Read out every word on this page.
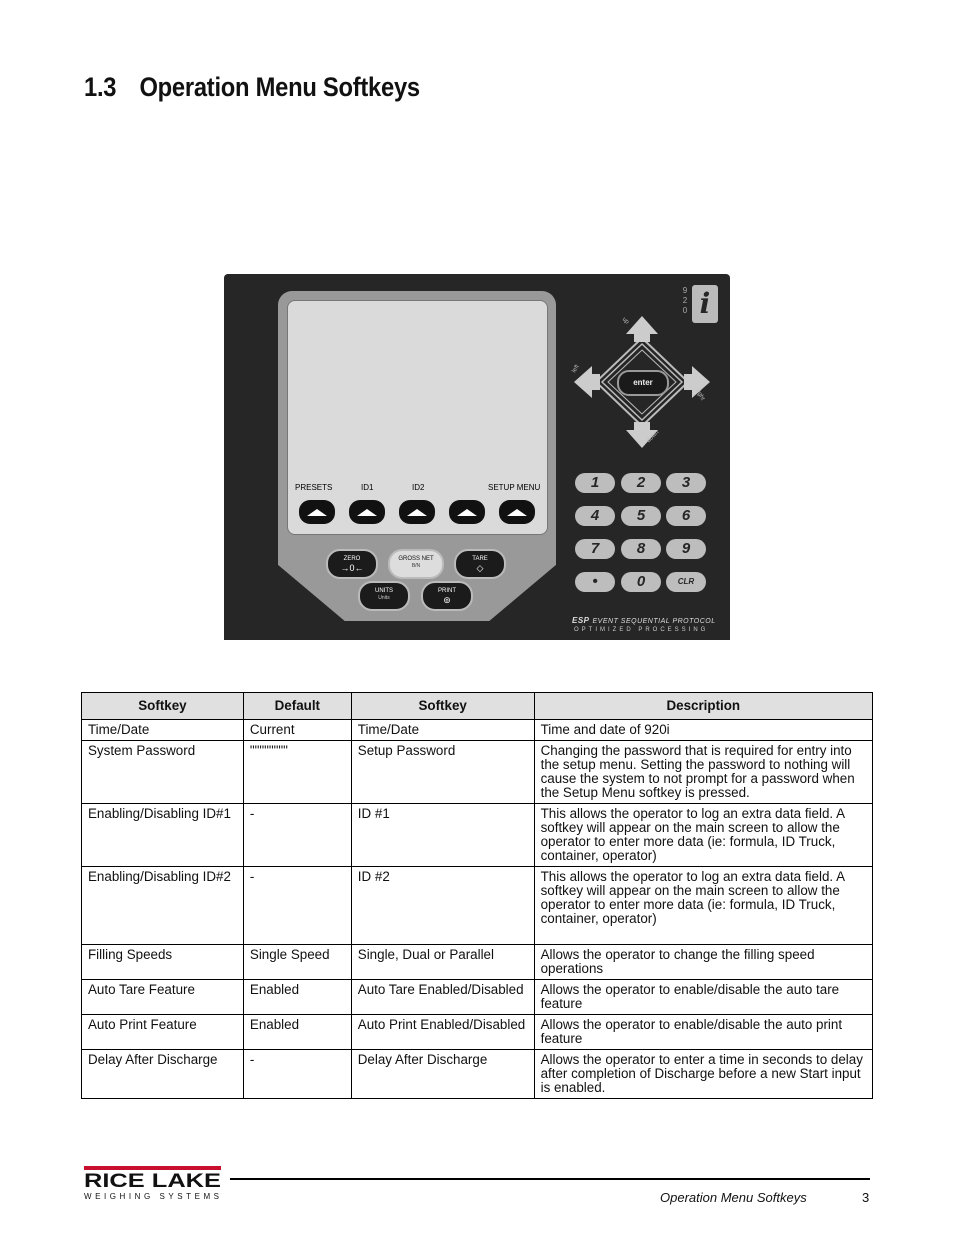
1.3 Operation Menu Softkeys
PRESETS	ID1	ID2	SETUP MENU
ZERO
→0←
GROSS NET
B/N
TARE
◇
UNITS
Units
PRINT
⊚
enter
up
down
left
right
1	2	3
4	5	6
7	8	9
•	0	CLR
920 i
ESP EVENT SEQUENTIAL PROTOCOL
OPTIMIZED PROCESSING
Softkey	Default	Softkey	Description
Time/Date	Current	Time/Date	Time and date of 920i
System Password	""""""""	Setup Password	Changing the password that is required for entry into the setup menu. Setting the password to nothing will cause the system to not prompt for a password when the Setup Menu softkey is pressed.
Enabling/Disabling ID#1	-	ID #1	This allows the operator to log an extra data field. A softkey will appear on the main screen to allow the operator to enter more data (ie: formula, ID Truck, container, operator)
Enabling/Disabling ID#2	-	ID #2	This allows the operator to log an extra data field. A softkey will appear on the main screen to allow the operator to enter more data (ie: formula, ID Truck, container, operator)
Filling Speeds	Single Speed	Single, Dual or Parallel	Allows the operator to change the filling speed operations
Auto Tare Feature	Enabled	Auto Tare Enabled/Disabled	Allows the operator to enable/disable the auto tare feature
Auto Print Feature	Enabled	Auto Print Enabled/Disabled	Allows the operator to enable/disable the auto print feature
Delay After Discharge	-	Delay After Discharge	Allows the operator to enter a time in seconds to delay after completion of Discharge before a new Start input is enabled.
RICE LAKE
WEIGHING SYSTEMS	Operation Menu Softkeys	3
